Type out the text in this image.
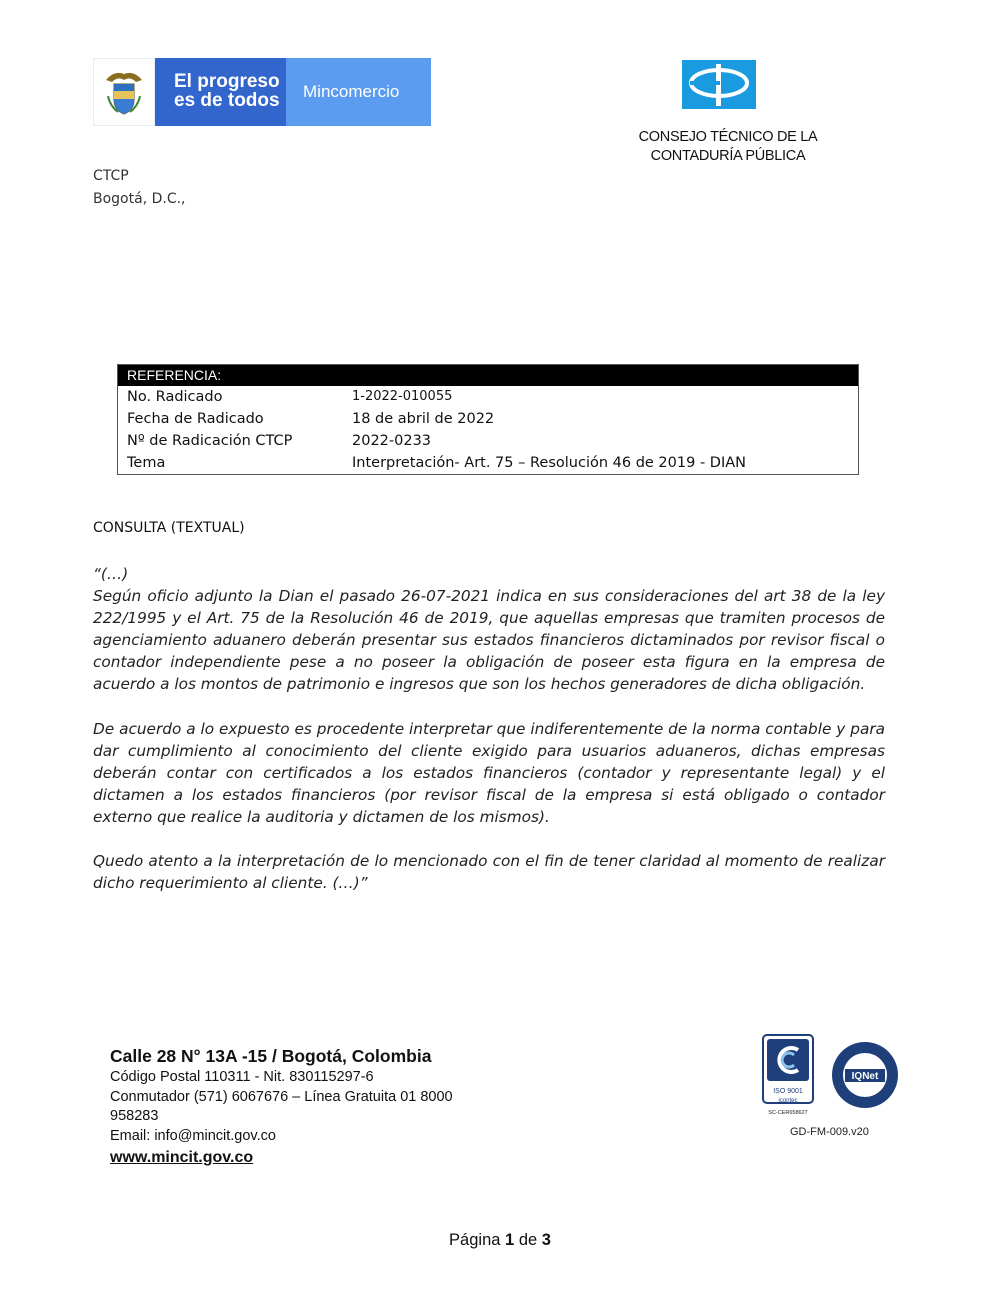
El progreso
es de todos	Mincomercio
CONSEJO TÉCNICO DE LA
CONTADURÍA PÚBLICA
CTCP
Bogotá, D.C.,
REFERENCIA:
No. Radicado	1-2022-010055
Fecha de Radicado	18 de abril de 2022
Nº de Radicación CTCP	2022-0233
Tema	Interpretación- Art. 75 – Resolución 46 de 2019 - DIAN
CONSULTA (TEXTUAL)

“(…)

Según oficio adjunto la Dian el pasado 26-07-2021 indica en sus consideraciones del art 38 de la ley 222/1995 y el Art. 75 de la Resolución 46 de 2019, que aquellas empresas que tramiten procesos de agenciamiento aduanero deberán presentar sus estados financieros dictaminados por revisor fiscal o contador independiente pese a no poseer la obligación de poseer esta figura en la empresa de acuerdo a los montos de patrimonio e ingresos que son los hechos generadores de dicha obligación.

De acuerdo a lo expuesto es procedente interpretar que indiferentemente de la norma contable y para dar cumplimiento al conocimiento del cliente exigido para usuarios aduaneros, dichas empresas deberán contar con certificados a los estados financieros (contador y representante legal) y el dictamen a los estados financieros (por revisor fiscal de la empresa si está obligado o contador externo que realice la auditoria y dictamen de los mismos).

Quedo atento a la interpretación de lo mencionado con el fin de tener claridad al momento de realizar dicho requerimiento al cliente. (…)”

Calle 28 N° 13A -15 / Bogotá, Colombia
Código Postal 110311 - Nit. 830115297-6
Conmutador (571) 6067676 – Línea Gratuita 01 8000 958283
Email: info@mincit.gov.co
www.mincit.gov.co
ISO 9001
icontec
SC-CER658627
IQNet
GD-FM-009.v20
Página 1 de 3
